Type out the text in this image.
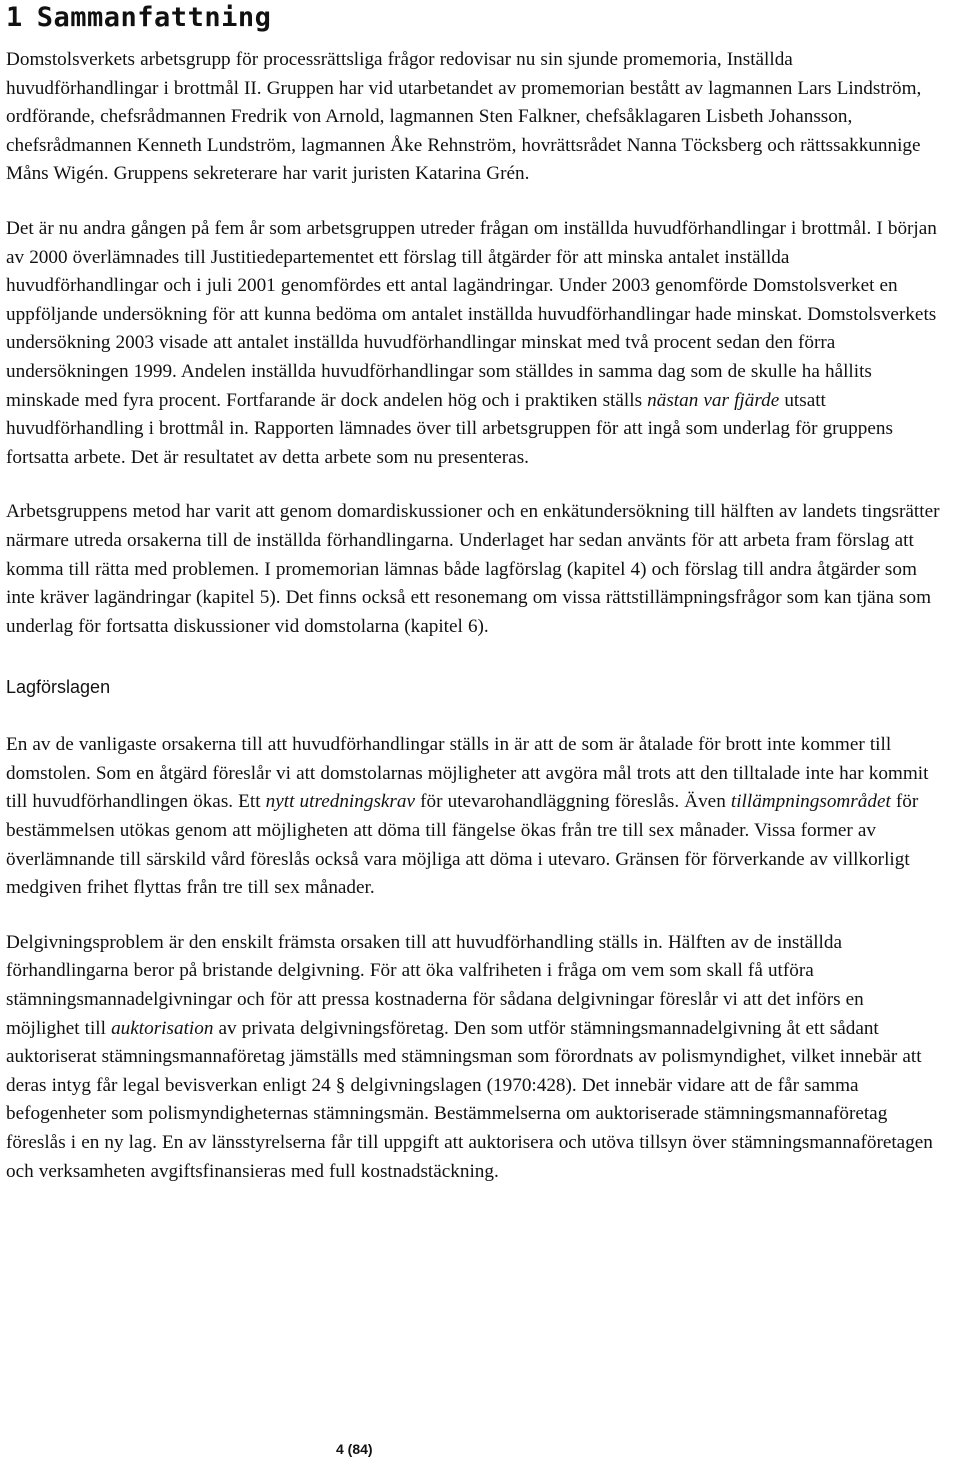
1 Sammanfattning

Domstolsverkets arbetsgrupp för processrättsliga frågor redovisar nu sin sjunde promemoria, Inställda huvudförhandlingar i brottmål II. Gruppen har vid utarbetandet av promemorian bestått av lagmannen Lars Lindström, ordförande, chefsrådmannen Fredrik von Arnold, lagmannen Sten Falkner, chefsåklagaren Lisbeth Johansson, chefsrådmannen Kenneth Lundström, lagmannen Åke Rehnström, hovrättsrådet Nanna Töcksberg och rättssakkunnige Måns Wigén. Gruppens sekreterare har varit juristen Katarina Grén.

Det är nu andra gången på fem år som arbetsgruppen utreder frågan om inställda huvudförhandlingar i brottmål. I början av 2000 överlämnades till Justitiedepartementet ett förslag till åtgärder för att minska antalet inställda huvudförhandlingar och i juli 2001 genomfördes ett antal lagändringar. Under 2003 genomförde Domstolsverket en uppföljande undersökning för att kunna bedöma om antalet inställda huvudförhandlingar hade minskat. Domstolsverkets undersökning 2003 visade att antalet inställda huvudförhandlingar minskat med två procent sedan den förra undersökningen 1999. Andelen inställda huvudförhandlingar som ställdes in samma dag som de skulle ha hållits minskade med fyra procent. Fortfarande är dock andelen hög och i praktiken ställs nästan var fjärde utsatt huvudförhandling i brottmål in. Rapporten lämnades över till arbetsgruppen för att ingå som underlag för gruppens fortsatta arbete. Det är resultatet av detta arbete som nu presenteras.

Arbetsgruppens metod har varit att genom domardiskussioner och en enkätundersökning till hälften av landets tingsrätter närmare utreda orsakerna till de inställda förhandlingarna. Underlaget har sedan använts för att arbeta fram förslag att komma till rätta med problemen. I promemorian lämnas både lagförslag (kapitel 4) och förslag till andra åtgärder som inte kräver lagändringar (kapitel 5). Det finns också ett resonemang om vissa rättstillämpningsfrågor som kan tjäna som underlag för fortsatta diskussioner vid domstolarna (kapitel 6).

Lagförslagen

En av de vanligaste orsakerna till att huvudförhandlingar ställs in är att de som är åtalade för brott inte kommer till domstolen. Som en åtgärd föreslår vi att domstolarnas möjligheter att avgöra mål trots att den tilltalade inte har kommit till huvudförhandlingen ökas. Ett nytt utredningskrav för utevarohandläggning föreslås. Även tillämpningsområdet för bestämmelsen utökas genom att möjligheten att döma till fängelse ökas från tre till sex månader. Vissa former av överlämnande till särskild vård föreslås också vara möjliga att döma i utevaro. Gränsen för förverkande av villkorligt medgiven frihet flyttas från tre till sex månader.

Delgivningsproblem är den enskilt främsta orsaken till att huvudförhandling ställs in. Hälften av de inställda förhandlingarna beror på bristande delgivning. För att öka valfriheten i fråga om vem som skall få utföra stämningsmannadelgivningar och för att pressa kostnaderna för sådana delgivningar föreslår vi att det införs en möjlighet till auktorisation av privata delgivningsföretag. Den som utför stämningsmannadelgivning åt ett sådant auktoriserat stämningsmannaföretag jämställs med stämningsman som förordnats av polismyndighet, vilket innebär att deras intyg får legal bevisverkan enligt 24 § delgivningslagen (1970:428). Det innebär vidare att de får samma befogenheter som polismyndigheternas stämningsmän. Bestämmelserna om auktoriserade stämningsmannaföretag föreslås i en ny lag. En av länsstyrelserna får till uppgift att auktorisera och utöva tillsyn över stämningsmannaföretagen och verksamheten avgiftsfinansieras med full kostnadstäckning.

4 (84)
